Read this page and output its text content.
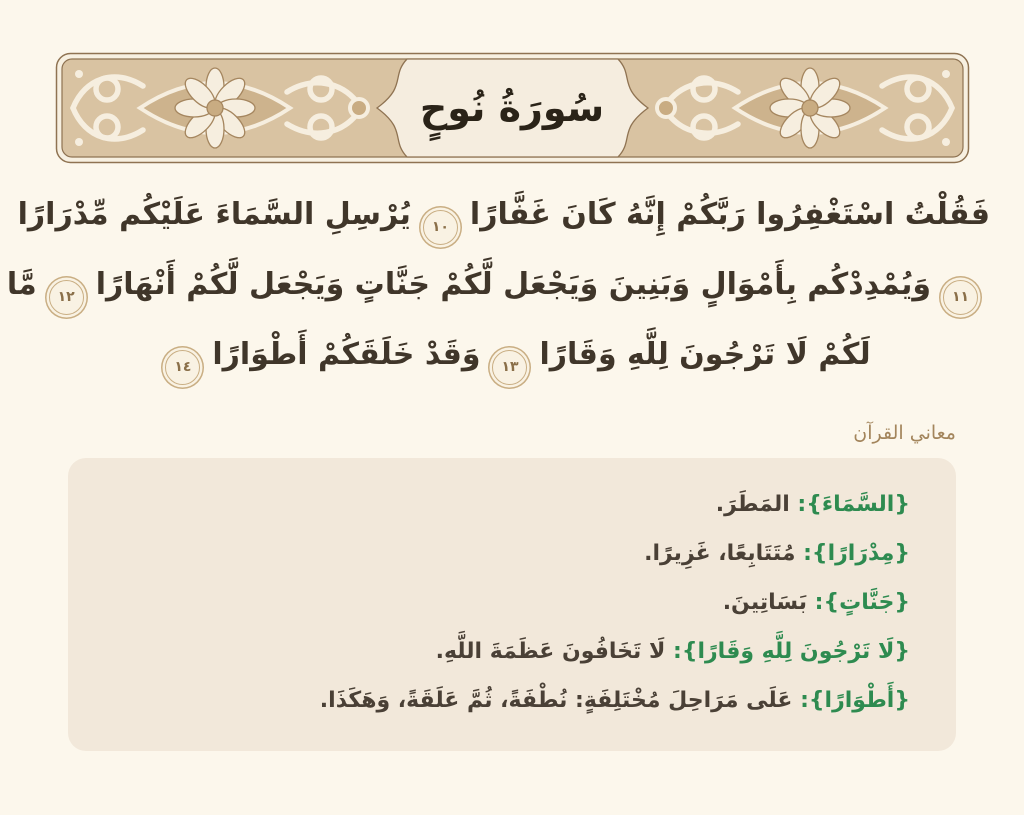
سُورَةُ نُوحٍ
فَقُلْتُ اسْتَغْفِرُوا رَبَّكُمْ إِنَّهُ كَانَ غَفَّارًا١٠يُرْسِلِ السَّمَاءَ عَلَيْكُم مِّدْرَارًا
١١وَيُمْدِدْكُم بِأَمْوَالٍ وَبَنِينَ وَيَجْعَل لَّكُمْ جَنَّاتٍ وَيَجْعَل لَّكُمْ أَنْهَارًا١٢مَّا
لَكُمْ لَا تَرْجُونَ لِلَّهِ وَقَارًا١٣وَقَدْ خَلَقَكُمْ أَطْوَارًا١٤
معاني القرآن
{السَّمَاءَ}: المَطَرَ.
{مِدْرَارًا}: مُتَتَابِعًا، غَزِيرًا.
{جَنَّاتٍ}: بَسَاتِينَ.
{لَا تَرْجُونَ لِلَّهِ وَقَارًا}: لَا تَخَافُونَ عَظَمَةَ اللَّهِ.
{أَطْوَارًا}: عَلَى مَرَاحِلَ مُخْتَلِفَةٍ: نُطْفَةً، ثُمَّ عَلَقَةً، وَهَكَذَا.
